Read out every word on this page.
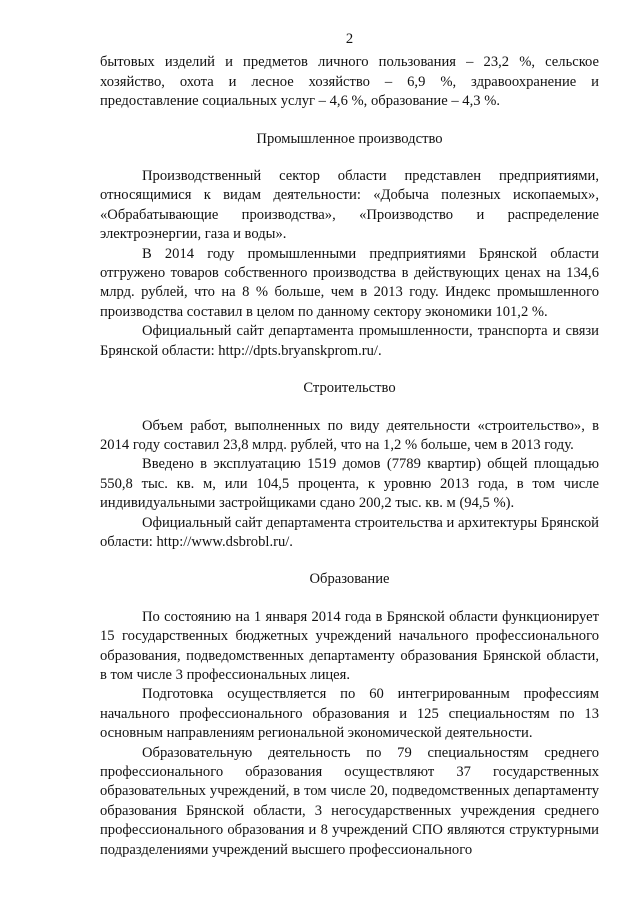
2

бытовых изделий и предметов личного пользования – 23,2 %, сельское хозяйство, охота и лесное хозяйство – 6,9 %, здравоохранение и предоставление социальных услуг – 4,6 %, образование – 4,3 %.

Промышленное производство

Производственный сектор области представлен предприятиями, относящимися к видам деятельности: «Добыча полезных ископаемых», «Обрабатывающие производства», «Производство и распределение электроэнергии, газа и воды».

В 2014 году промышленными предприятиями Брянской области отгружено товаров собственного производства в действующих ценах на 134,6 млрд. рублей, что на 8 % больше, чем в 2013 году. Индекс промышленного производства составил в целом по данному сектору экономики 101,2 %.

Официальный сайт департамента промышленности, транспорта и связи Брянской области: http://dpts.bryanskprom.ru/.

Строительство

Объем работ, выполненных по виду деятельности «строительство», в 2014 году составил 23,8 млрд. рублей, что на 1,2 % больше, чем в 2013 году.

Введено в эксплуатацию 1519 домов (7789 квартир) общей площадью 550,8 тыс. кв. м, или 104,5 процента, к уровню 2013 года, в том числе индивидуальными застройщиками сдано 200,2 тыс. кв. м (94,5 %).

Официальный сайт департамента строительства и архитектуры Брянской области: http://www.dsbrobl.ru/.

Образование

По состоянию на 1 января 2014 года в Брянской области функционирует 15 государственных бюджетных учреждений начального профессионального образования, подведомственных департаменту образования Брянской области, в том числе 3 профессиональных лицея.

Подготовка осуществляется по 60 интегрированным профессиям начального профессионального образования и 125 специальностям по 13 основным направлениям региональной экономической деятельности.

Образовательную деятельность по 79 специальностям среднего профессионального образования осуществляют 37 государственных образовательных учреждений, в том числе 20, подведомственных департаменту образования Брянской области, 3 негосударственных учреждения среднего профессионального образования и 8 учреждений СПО являются структурными подразделениями учреждений высшего профессионального
